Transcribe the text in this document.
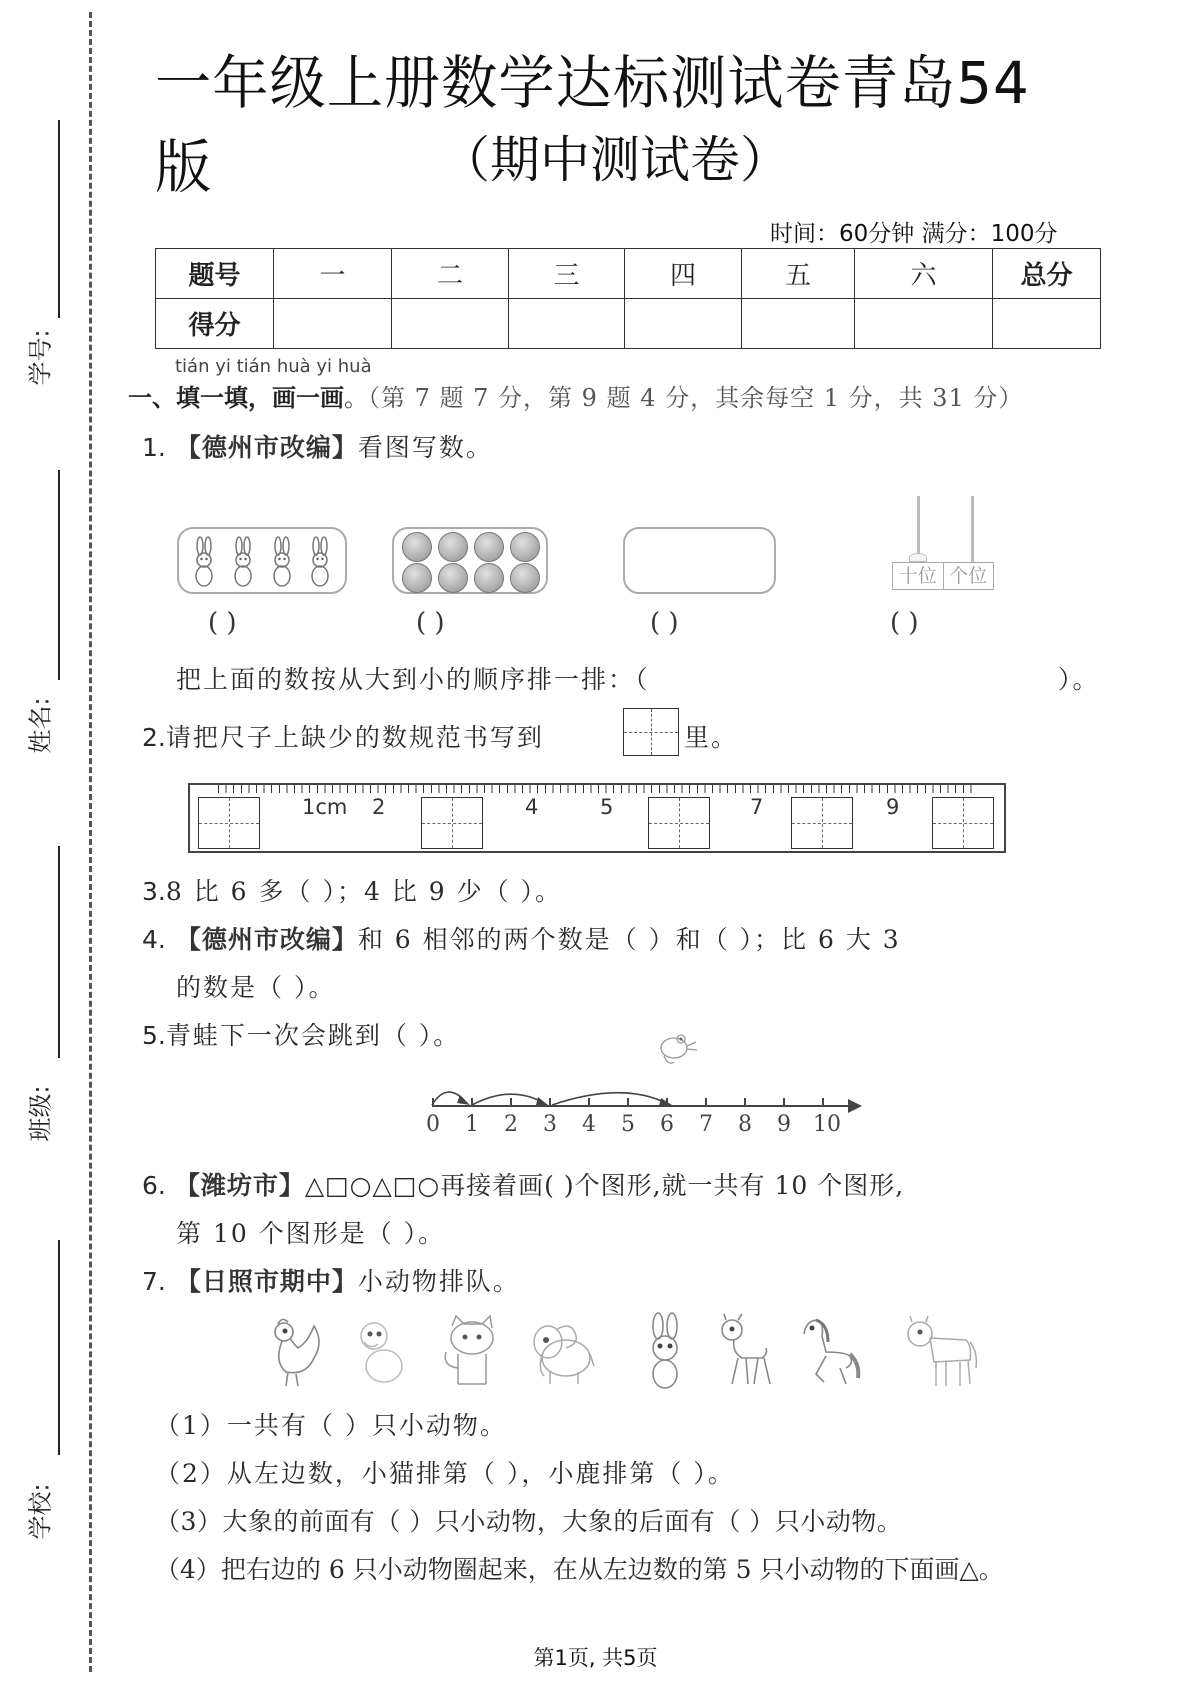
学号:
姓名:
班级:
学校:
一年级上册数学达标测试卷青岛54版	（期中测试卷）
时间：60分钟 满分：100分
题号	一	二	三	四	五	六	总分
得分							
tián yi tián huà yi huà
一、填一填，画一画。（第 7 题 7 分，第 9 题 4 分，其余每空 1 分，共 31 分）
1. 【德州市改编】看图写数。
十位 个位
( )	( )	( )	( )
把上面的数按从大到小的顺序排一排：（	）。
2.请把尺子上缺少的数规范书写到	里。
1cm 2	4	5	7	9
3.8 比 6 多（ ）；4 比 9 少（ ）。
4. 【德州市改编】和 6 相邻的两个数是（ ）和（ ）；比 6 大 3
的数是（ ）。
5.青蛙下一次会跳到（ ）。
0 1 2 3 4 5 6 7 8 9 10
6. 【潍坊市】△□○△□○再接着画( )个图形,就一共有 10 个图形,
第 10 个图形是（ ）。
7. 【日照市期中】小动物排队。
（1）一共有（ ）只小动物。
（2）从左边数，小猫排第（ ），小鹿排第（ ）。
（3）大象的前面有（ ）只小动物，大象的后面有（ ）只小动物。
（4）把右边的 6 只小动物圈起来，在从左边数的第 5 只小动物的下面画△。
第1页, 共5页
